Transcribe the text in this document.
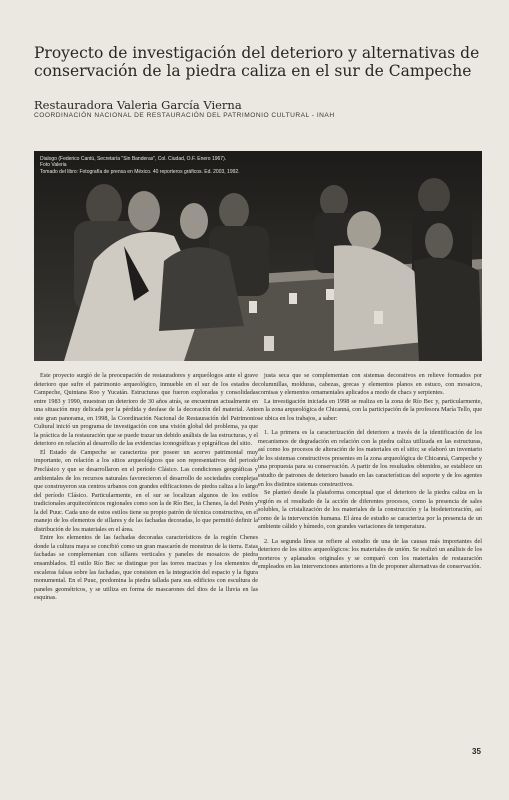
Proyecto de investigación del deterioro y alternativas de conservación de la piedra caliza en el sur de Campeche
Restauradora Valeria García Vierna
COORDINACIÓN NACIONAL DE RESTAURACIÓN DEL PATRIMONIO CULTURAL - INAH
Dialogo (Federico Cantú, Secretaría "Sin Banderas", Col. Ciudad, O.F. Enero 1967).
Foto Valeria
Tomado del libro: Fotografía de prensa en México. 40 reporteros gráficos. Ed. 2003, 1992.

Este proyecto surgió de la preocupación de restauradores y arqueólogos ante el grave deterioro que sufre el patrimonio arqueológico, inmueble en el sur de los estados de Campeche, Quintana Roo y Yucatán. Estructuras que fueron exploradas y consolidadas entre 1983 y 1990, muestran un deterioro de 30 años atrás, se encuentran actualmente en una situación muy delicada por la pérdida y desfase de la decoración del material. Ante este gran panorama, en 1998, la Coordinación Nacional de Restauración del Patrimonio Cultural inició un programa de investigación con una visión global del problema, ya que la práctica de la restauración que se puede trazar un debido análisis de las estructuras, y el deterioro en relación al desarrollo de las evidencias iconográficas y epigráficas del sitio.

El Estado de Campeche se caracteriza por poseer un acervo patrimonial muy importante, en relación a los sitios arqueológicos que son representativos del periodo Preclásico y que se desarrollaron en el período Clásico. Las condiciones geográficas y ambientales de los recursos naturales favorecieron el desarrollo de sociedades complejas que construyeron sus centros urbanos con grandes edificaciones de piedra caliza a lo largo del período Clásico. Particularmente, en el sur se localizan algunos de los estilos tradicionales arquitectónicos regionales como son la de Río Bec, la Chenes, la del Petén y la del Puuc. Cada uno de estos estilos tiene su propio patrón de técnica constructiva, en el manejo de los elementos de sillares y de las fachadas decoradas, lo que permitió definir la distribución de los materiales en el área.

Entre los elementos de las fachadas decoradas característicos de la región Chenes donde la cultura maya se concibió como un gran mascarón de monstruo de la tierra. Estas fachadas se complementan con sillares verticales y paneles de mosaicos de piedra ensamblados. El estilo Río Bec se distingue por las torres macizas y los elementos de escaleras falsas sobre las fachadas, que consisten en la integración del espacio y la figura monumental. En el Puuc, predomina la piedra tallada para sus edificios con escultura de paneles geométricos, y se utiliza en forma de mascarones del dios de la lluvia en las esquinas.

justa seca que se complementan con sistemas decorativos en relieve formados por columnillas, molduras, cabezas, grecas y elementos planos en estuco, con mosaicos, cornisas y elementos ornamentales aplicados a modo de chacs y serpientes.

La investigación iniciada en 1998 se realiza en la zona de Río Bec y, particularmente, en la zona arqueológica de Chicanná, con la participación de la profesora María Tello, que se ubica en los trabajos, a saber:

1. La primera es la caracterización del deterioro a través de la identificación de los mecanismos de degradación en relación con la piedra caliza utilizada en las estructuras, así como los procesos de alteración de los materiales en el sitio; se elaboró un inventario de los sistemas constructivos presentes en la zona arqueológica de Chicanná, Campeche y una propuesta para su conservación. A partir de los resultados obtenidos, se establece un estudio de patrones de deterioro basado en las características del soporte y de los agentes en los distintos sistemas constructivos.

Se planteó desde la plataforma conceptual que el deterioro de la piedra caliza en la región es el resultado de la acción de diferentes procesos, como la presencia de sales solubles, la cristalización de los materiales de la construcción y la biodeterioración, así como de la intervención humana. El área de estudio se caracteriza por la presencia de un ambiente cálido y húmedo, con grandes variaciones de temperatura.

2. La segunda línea se refiere al estudio de una de las causas más importantes del deterioro de los sitios arqueológicos: los materiales de unión. Se realizó un análisis de los morteros y aplanados originales y se comparó con los materiales de restauración empleados en las intervenciones anteriores a fin de proponer alternativas de conservación.

35
